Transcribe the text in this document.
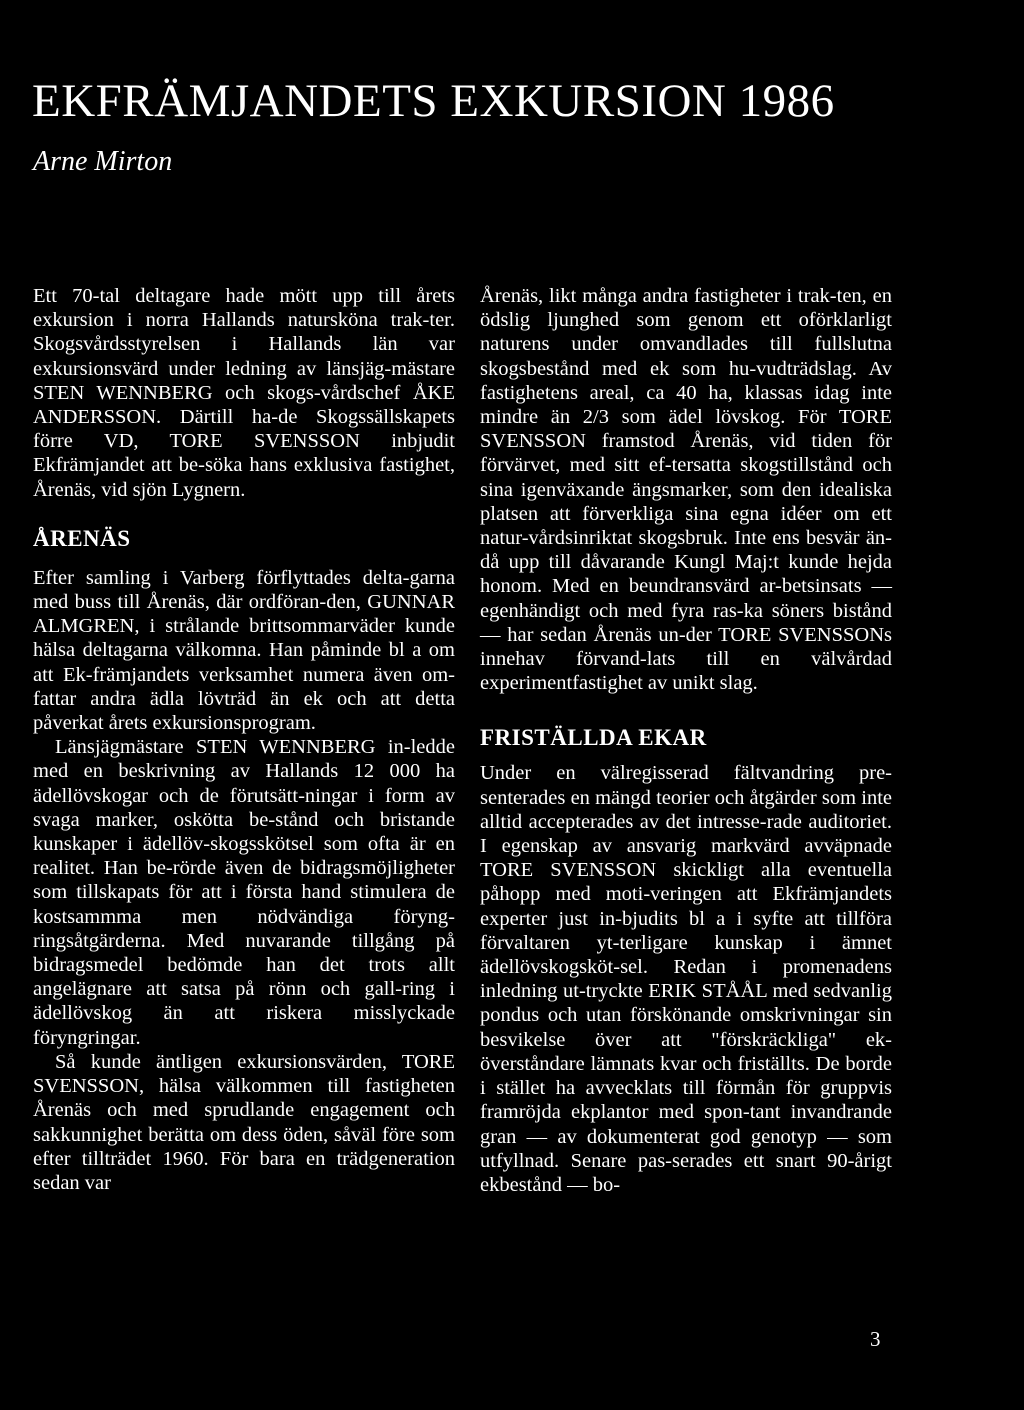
EKFRÄMJANDETS EXKURSION 1986
Arne Mirton

Ett 70-tal deltagare hade mött upp till årets exkursion i norra Hallands natursköna trak-ter. Skogsvårdsstyrelsen i Hallands län var exkursionsvärd under ledning av länsjäg-mästare STEN WENNBERG och skogs-vårdschef ÅKE ANDERSSON. Därtill ha-de Skogssällskapets förre VD, TORE SVENSSON inbjudit Ekfrämjandet att be-söka hans exklusiva fastighet, Årenäs, vid sjön Lygnern.

ÅRENÄS

Efter samling i Varberg förflyttades delta-garna med buss till Årenäs, där ordföran-den, GUNNAR ALMGREN, i strålande brittsommarväder kunde hälsa deltagarna välkomna. Han påminde bl a om att Ek-främjandets verksamhet numera även om-fattar andra ädla lövträd än ek och att detta påverkat årets exkursionsprogram.

Länsjägmästare STEN WENNBERG in-ledde med en beskrivning av Hallands 12 000 ha ädellövskogar och de förutsätt-ningar i form av svaga marker, oskötta be-stånd och bristande kunskaper i ädellöv-skogsskötsel som ofta är en realitet. Han be-rörde även de bidragsmöjligheter som tillskapats för att i första hand stimulera de kostsammma men nödvändiga föryng-ringsåtgärderna. Med nuvarande tillgång på bidragsmedel bedömde han det trots allt angelägnare att satsa på rönn och gall-ring i ädellövskog än att riskera misslyckade föryngringar.

Så kunde äntligen exkursionsvärden, TORE SVENSSON, hälsa välkommen till fastigheten Årenäs och med sprudlande engagement och sakkunnighet berätta om dess öden, såväl före som efter tillträdet 1960. För bara en trädgeneration sedan var

Årenäs, likt många andra fastigheter i trak-ten, en ödslig ljunghed som genom ett oförklarligt naturens under omvandlades till fullslutna skogsbestånd med ek som hu-vudträdslag. Av fastighetens areal, ca 40 ha, klassas idag inte mindre än 2/3 som ädel lövskog. För TORE SVENSSON framstod Årenäs, vid tiden för förvärvet, med sitt ef-tersatta skogstillstånd och sina igenväxande ängsmarker, som den idealiska platsen att förverkliga sina egna idéer om ett natur-vårdsinriktat skogsbruk. Inte ens besvär än-då upp till dåvarande Kungl Maj:t kunde hejda honom. Med en beundransvärd ar-betsinsats — egenhändigt och med fyra ras-ka söners bistånd — har sedan Årenäs un-der TORE SVENSSONs innehav förvand-lats till en välvårdad experimentfastighet av unikt slag.

FRISTÄLLDA EKAR

Under en välregisserad fältvandring pre-senterades en mängd teorier och åtgärder som inte alltid accepterades av det intresse-rade auditoriet. I egenskap av ansvarig markvärd avväpnade TORE SVENSSON skickligt alla eventuella påhopp med moti-veringen att Ekfrämjandets experter just in-bjudits bl a i syfte att tillföra förvaltaren yt-terligare kunskap i ämnet ädellövskogsköt-sel. Redan i promenadens inledning ut-tryckte ERIK STÅÅL med sedvanlig pondus och utan förskönande omskrivningar sin besvikelse över att "förskräckliga" ek-överståndare lämnats kvar och friställts. De borde i stället ha avvecklats till förmån för gruppvis framröjda ekplantor med spon-tant invandrande gran — av dokumenterat god genotyp — som utfyllnad. Senare pas-serades ett snart 90-årigt ekbestånd — bo-

3
